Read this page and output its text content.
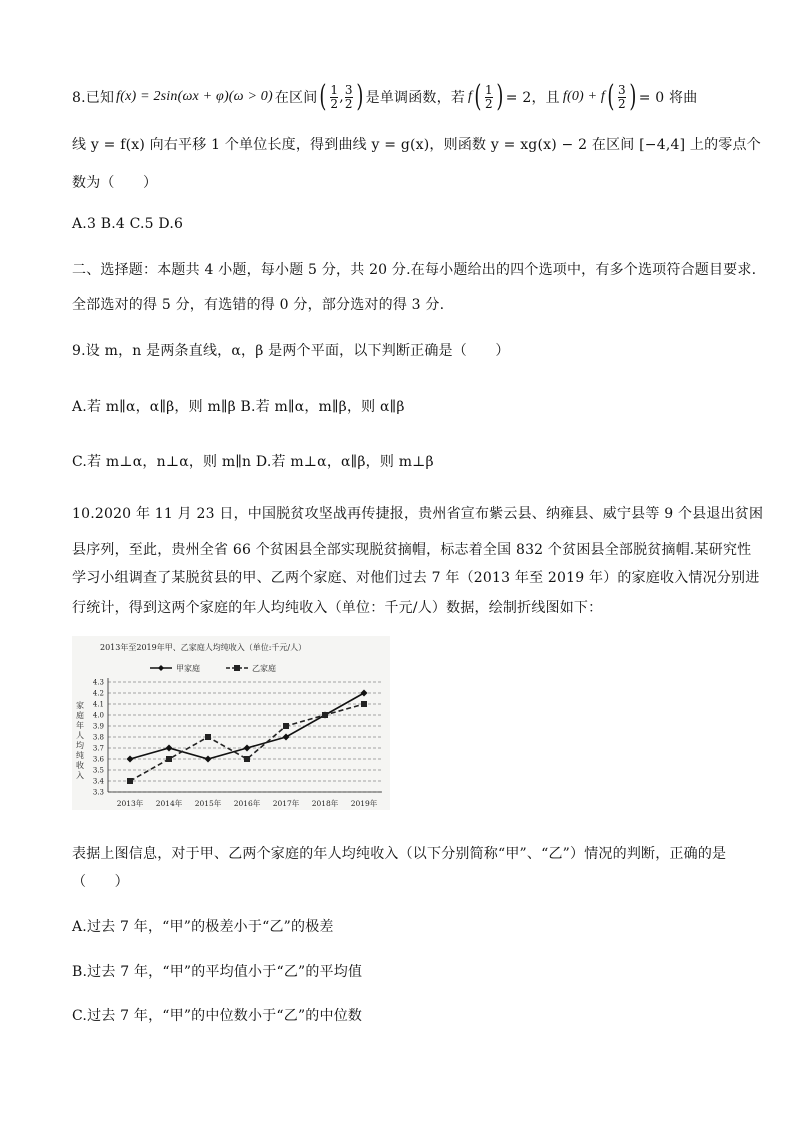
8.已知 f(x) = 2sin(ωx + φ)(ω > 0) 在区间 ( $\frac{1}{2}$ , $\frac{3}{2}$ ) 是单调函数，若 f ( $\frac{1}{2}$ ) = 2，且 f(0) + f ( $\frac{3}{2}$ ) = 0 将曲
线 y = f(x) 向右平移 1 个单位长度，得到曲线 y = g(x)，则函数 y = xg(x) − 2 在区间 [−4,4] 上的零点个
数为（　　）
A.3 B.4 C.5 D.6
二、选择题：本题共 4 小题，每小题 5 分，共 20 分.在每小题给出的四个选项中，有多个选项符合题目要求.
全部选对的得 5 分，有选错的得 0 分，部分选对的得 3 分.
9.设 m，n 是两条直线，α，β 是两个平面，以下判断正确是（　　）
A.若 m∥α，α∥β，则 m∥β B.若 m∥α，m∥β，则 α∥β
C.若 m⊥α，n⊥α，则 m∥n D.若 m⊥α，α∥β，则 m⊥β
10.2020 年 11 月 23 日，中国脱贫攻坚战再传捷报，贵州省宣布紫云县、纳雍县、威宁县等 9 个县退出贫困
县序列，至此，贵州全省 66 个贫困县全部实现脱贫摘帽，标志着全国 832 个贫困县全部脱贫摘帽.某研究性
学习小组调查了某脱贫县的甲、乙两个家庭、对他们过去 7 年（2013 年至 2019 年）的家庭收入情况分别进
行统计，得到这两个家庭的年人均纯收入（单位：千元/人）数据，绘制折线图如下：
2013年至2019年甲、乙家庭人均纯收入（单位:千元/人）
甲家庭	乙家庭
4.3
4.2
4.1
4.0
3.9
3.8
3.7
3.6
3.5
3.4
3.3
2013年 2014年 2015年 2016年 2017年 2018年 2019年
家
庭
年
人
均
纯
收
入
表据上图信息，对于甲、乙两个家庭的年人均纯收入（以下分别简称“甲”、“乙”）情况的判断，正确的是
（　　）
A.过去 7 年，“甲”的极差小于“乙”的极差
B.过去 7 年，“甲”的平均值小于“乙”的平均值
C.过去 7 年，“甲”的中位数小于“乙”的中位数
